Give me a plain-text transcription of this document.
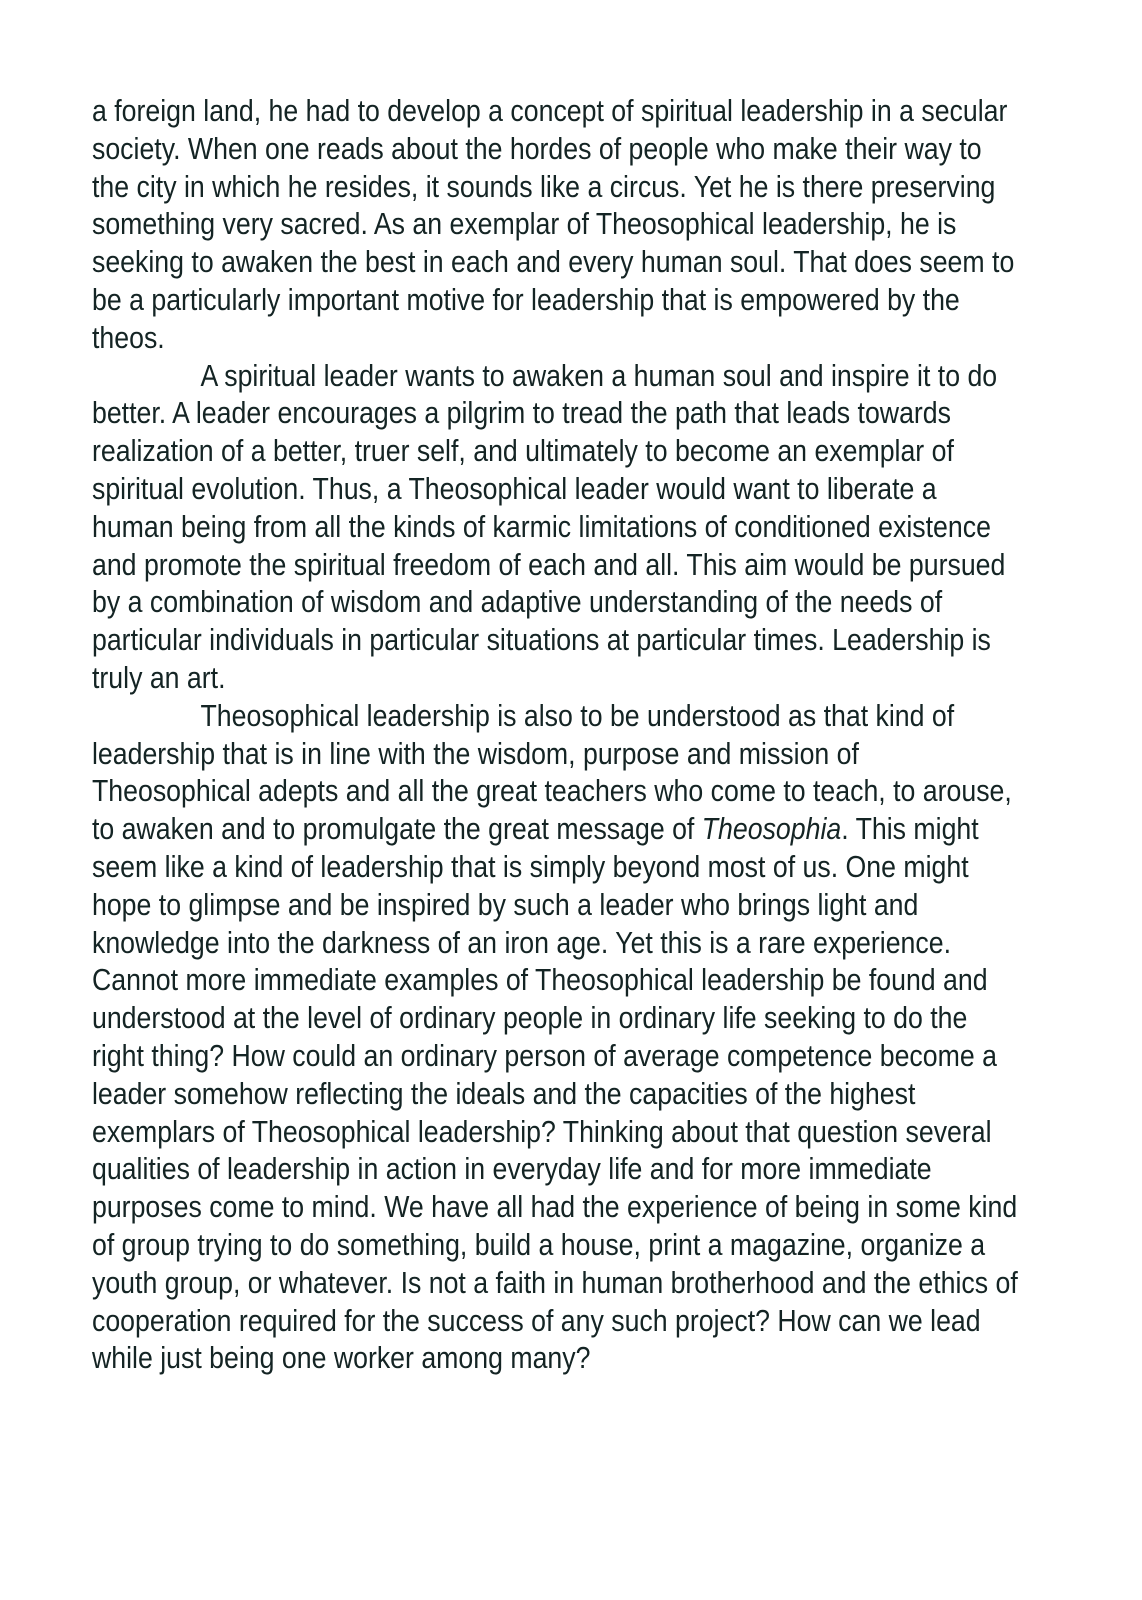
a foreign land, he had to develop a concept of spiritual leadership in a secular
society. When one reads about the hordes of people who make their way to
the city in which he resides, it sounds like a circus. Yet he is there preserving
something very sacred. As an exemplar of Theosophical leadership, he is
seeking to awaken the best in each and every human soul. That does seem to
be a particularly important motive for leadership that is empowered by the
theos.

A spiritual leader wants to awaken a human soul and inspire it to do
better. A leader encourages a pilgrim to tread the path that leads towards
realization of a better, truer self, and ultimately to become an exemplar of
spiritual evolution. Thus, a Theosophical leader would want to liberate a
human being from all the kinds of karmic limitations of conditioned existence
and promote the spiritual freedom of each and all. This aim would be pursued
by a combination of wisdom and adaptive understanding of the needs of
particular individuals in particular situations at particular times. Leadership is
truly an art.

Theosophical leadership is also to be understood as that kind of
leadership that is in line with the wisdom, purpose and mission of
Theosophical adepts and all the great teachers who come to teach, to arouse,
to awaken and to promulgate the great message of Theosophia. This might
seem like a kind of leadership that is simply beyond most of us. One might
hope to glimpse and be inspired by such a leader who brings light and
knowledge into the darkness of an iron age. Yet this is a rare experience.
Cannot more immediate examples of Theosophical leadership be found and
understood at the level of ordinary people in ordinary life seeking to do the
right thing? How could an ordinary person of average competence become a
leader somehow reflecting the ideals and the capacities of the highest
exemplars of Theosophical leadership? Thinking about that question several
qualities of leadership in action in everyday life and for more immediate
purposes come to mind. We have all had the experience of being in some kind
of group trying to do something, build a house, print a magazine, organize a
youth group, or whatever. Is not a faith in human brotherhood and the ethics of
cooperation required for the success of any such project? How can we lead
while just being one worker among many?
